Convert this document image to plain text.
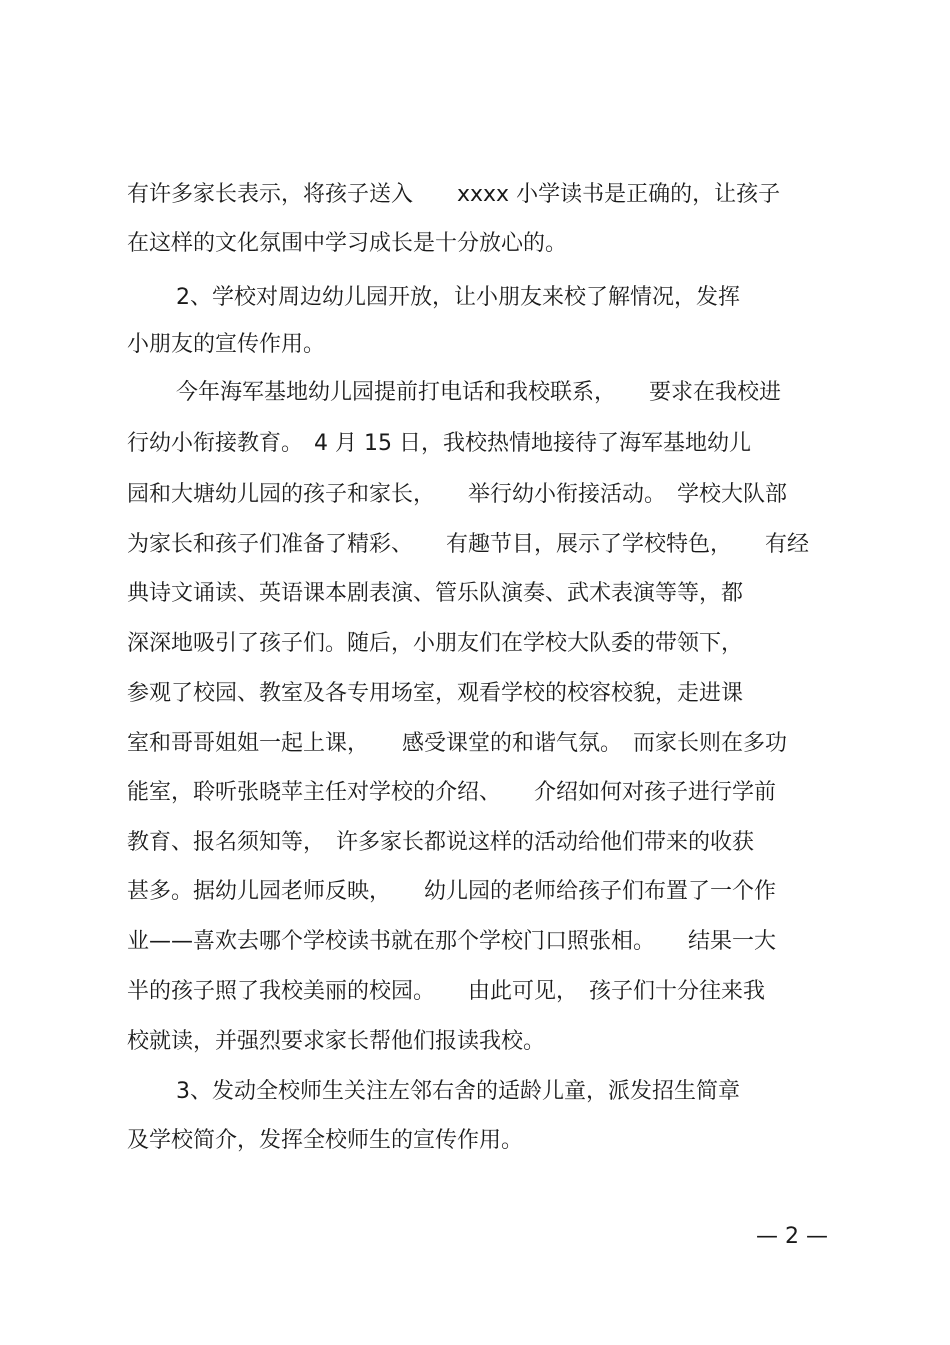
有许多家长表示，将孩子送入　　xxxx 小学读书是正确的，让孩子
在这样的文化氛围中学习成长是十分放心的。
2、学校对周边幼儿园开放，让小朋友来校了解情况，发挥
小朋友的宣传作用。
今年海军基地幼儿园提前打电话和我校联系，　　要求在我校进
行幼小衔接教育。　4 月 15 日，我校热情地接待了海军基地幼儿
园和大塘幼儿园的孩子和家长，　　举行幼小衔接活动。　学校大队部
为家长和孩子们准备了精彩、　　有趣节目，展示了学校特色，　　有经
典诗文诵读、英语课本剧表演、管乐队演奏、武术表演等等，都
深深地吸引了孩子们。随后，小朋友们在学校大队委的带领下，
参观了校园、教室及各专用场室，观看学校的校容校貌，走进课
室和哥哥姐姐一起上课，　　感受课堂的和谐气氛。　而家长则在多功
能室，聆听张晓苹主任对学校的介绍、　　介绍如何对孩子进行学前
教育、报名须知等，　许多家长都说这样的活动给他们带来的收获
甚多。据幼儿园老师反映，　　幼儿园的老师给孩子们布置了一个作
业——喜欢去哪个学校读书就在那个学校门口照张相。　　结果一大
半的孩子照了我校美丽的校园。　　由此可见，　孩子们十分往来我
校就读，并强烈要求家长帮他们报读我校。
3、发动全校师生关注左邻右舍的适龄儿童，派发招生简章
及学校简介，发挥全校师生的宣传作用。
— 2 —
